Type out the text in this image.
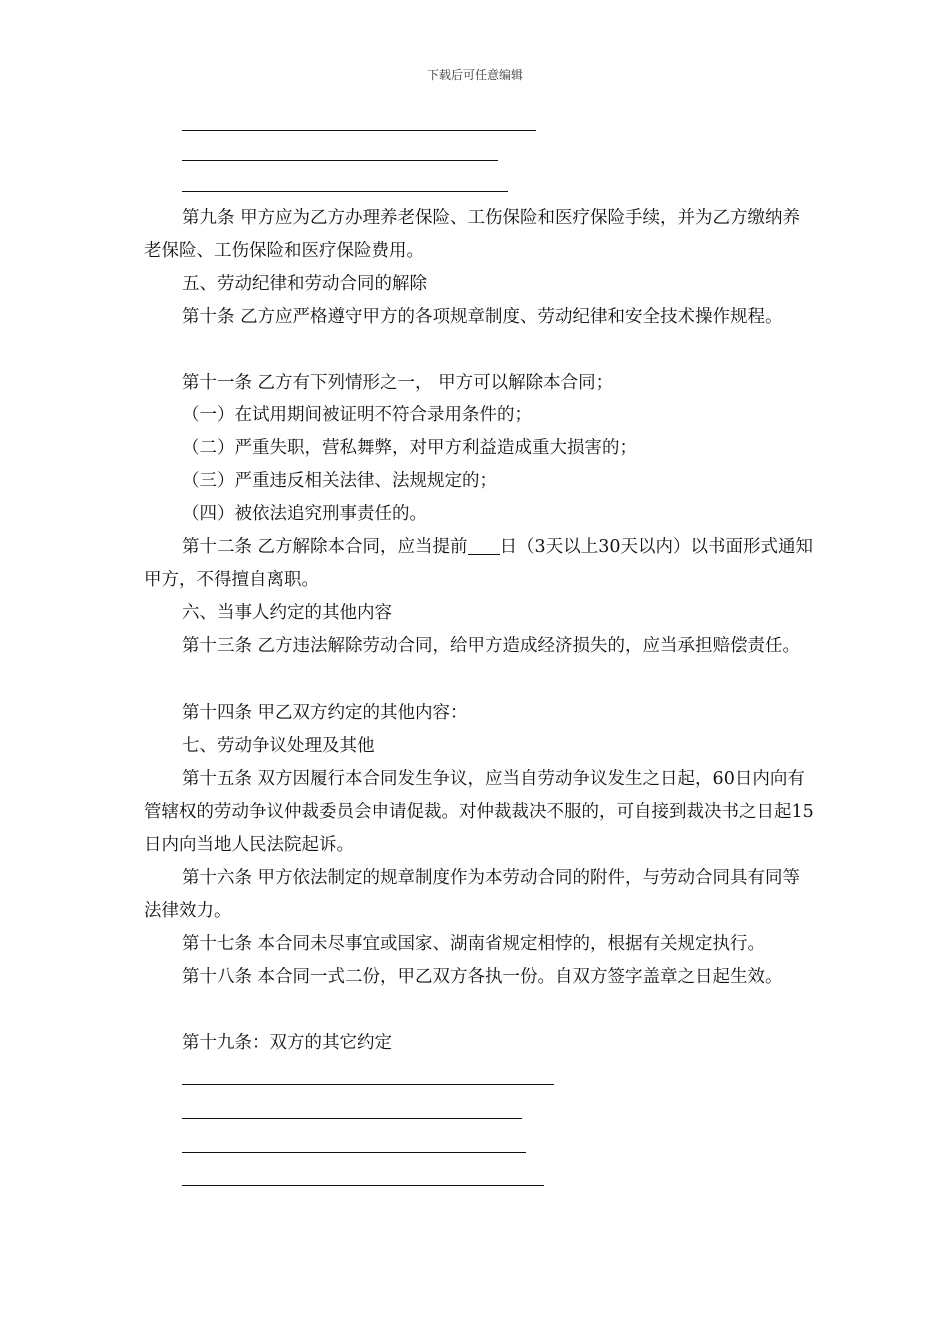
下载后可任意编辑

第九条 甲方应为乙方办理养老保险、工伤保险和医疗保险手续，并为乙方缴纳养老保险、工伤保险和医疗保险费用。

五、劳动纪律和劳动合同的解除

第十条 乙方应严格遵守甲方的各项规章制度、劳动纪律和安全技术操作规程。

第十一条 乙方有下列情形之一， 甲方可以解除本合同；

（一）在试用期间被证明不符合录用条件的；

（二）严重失职，营私舞弊，对甲方利益造成重大损害的；

（三）严重违反相关法律、法规规定的；

（四）被依法追究刑事责任的。

第十二条 乙方解除本合同，应当提前 日（3天以上30天以内）以书面形式通知甲方，不得擅自离职。

六、当事人约定的其他内容

第十三条 乙方违法解除劳动合同，给甲方造成经济损失的，应当承担赔偿责任。

第十四条 甲乙双方约定的其他内容：

七、劳动争议处理及其他

第十五条 双方因履行本合同发生争议，应当自劳动争议发生之日起，60日内向有管辖权的劳动争议仲裁委员会申请促裁。对仲裁裁决不服的，可自接到裁决书之日起15日内向当地人民法院起诉。

第十六条 甲方依法制定的规章制度作为本劳动合同的附件，与劳动合同具有同等法律效力。

第十七条 本合同未尽事宜或国家、湖南省规定相悖的，根据有关规定执行。

第十八条 本合同一式二份，甲乙双方各执一份。自双方签字盖章之日起生效。

第十九条：双方的其它约定
